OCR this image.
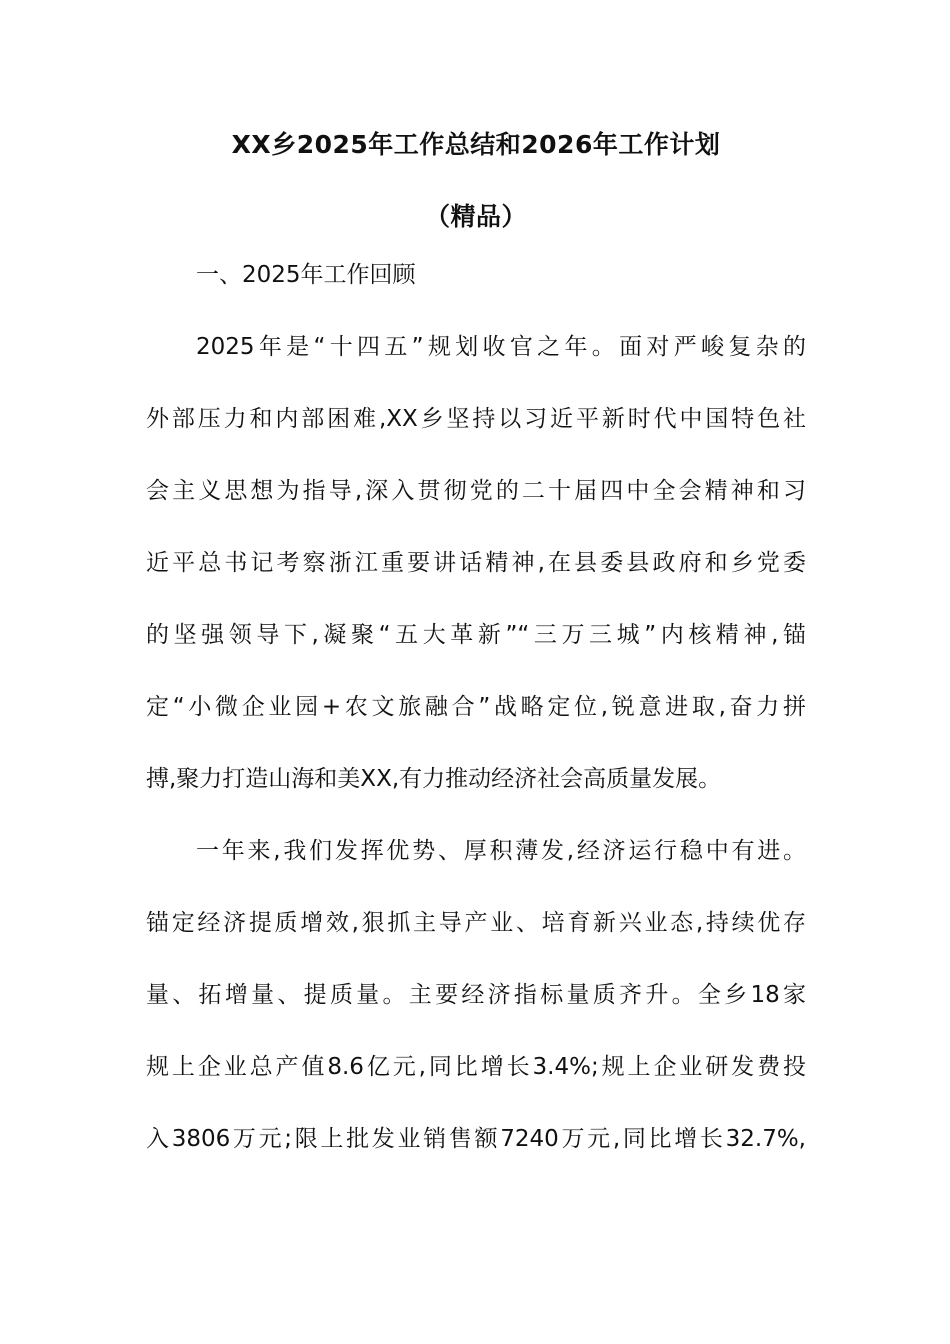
XX乡2025年工作总结和2026年工作计划
（精品）
一、2025年工作回顾
2025年是“十四五”规划收官之年。面对严峻复杂的
外部压力和内部困难,XX乡坚持以习近平新时代中国特色社
会主义思想为指导,深入贯彻党的二十届四中全会精神和习
近平总书记考察浙江重要讲话精神,在县委县政府和乡党委
的坚强领导下,凝聚“五大革新”“三万三城”内核精神,锚
定“小微企业园+农文旅融合”战略定位,锐意进取,奋力拼
搏,聚力打造山海和美XX,有力推动经济社会高质量发展。
一年来,我们发挥优势、厚积薄发,经济运行稳中有进。
锚定经济提质增效,狠抓主导产业、培育新兴业态,持续优存
量、拓增量、提质量。主要经济指标量质齐升。全乡18家
规上企业总产值8.6亿元,同比增长3.4%;规上企业研发费投
入3806万元;限上批发业销售额7240万元,同比增长32.7%,
